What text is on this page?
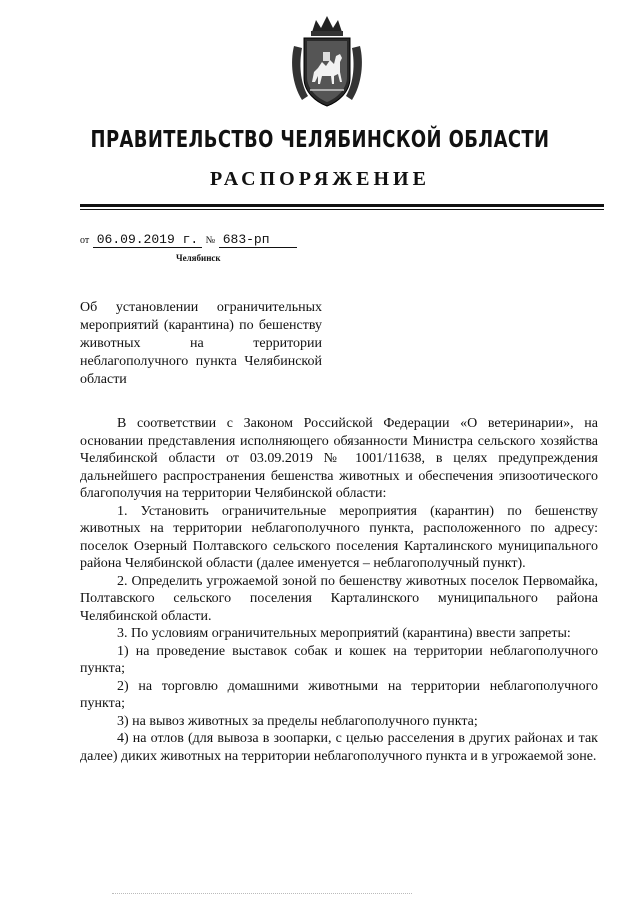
ПРАВИТЕЛЬСТВО ЧЕЛЯБИНСКОЙ ОБЛАСТИ
РАСПОРЯЖЕНИЕ
от 06.09.2019 г. № 683-рп
Челябинск
Об установлении ограничительных мероприятий (карантина) по бешенству животных на территории неблагополучного пункта Челябинской области

В соответствии с Законом Российской Федерации «О ветеринарии», на основании представления исполняющего обязанности Министра сельского хозяйства Челябинской области от 03.09.2019 № 1001/11638, в целях предупреждения дальнейшего распространения бешенства животных и обеспечения эпизоотического благополучия на территории Челябинской области:

1. Установить ограничительные мероприятия (карантин) по бешенству животных на территории неблагополучного пункта, расположенного по адресу: поселок Озерный Полтавского сельского поселения Карталинского муниципального района Челябинской области (далее именуется – неблагополучный пункт).

2. Определить угрожаемой зоной по бешенству животных поселок Первомайка, Полтавского сельского поселения Карталинского муниципального района Челябинской области.

3. По условиям ограничительных мероприятий (карантина) ввести запреты:

1) на проведение выставок собак и кошек на территории неблагополучного пункта;

2) на торговлю домашними животными на территории неблагополучного пункта;

3) на вывоз животных за пределы неблагополучного пункта;

4) на отлов (для вывоза в зоопарки, с целью расселения в других районах и так далее) диких животных на территории неблагополучного пункта и в угрожаемой зоне.
